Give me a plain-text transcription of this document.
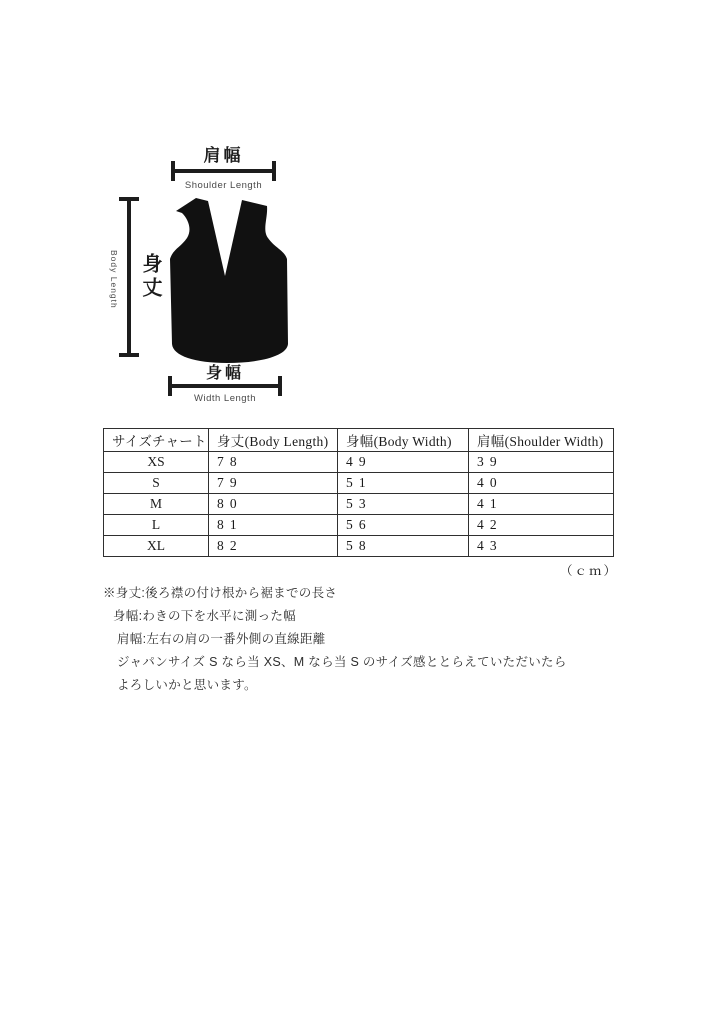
肩幅
Shoulder Length
身丈
Body Length
身幅
Width Length
サイズチャート	身丈(Body Length)	身幅(Body Width)	肩幅(Shoulder Width)
XS	78	49	39
S	79	51	40
M	80	53	41
L	81	56	42
XL	82	58	43
（ｃｍ）
※身丈:後ろ襟の付け根から裾までの長さ
身幅:わきの下を水平に測った幅
肩幅:左右の肩の一番外側の直線距離
ジャパンサイズ S なら当 XS、M なら当 S のサイズ感ととらえていただいたら
よろしいかと思います。
